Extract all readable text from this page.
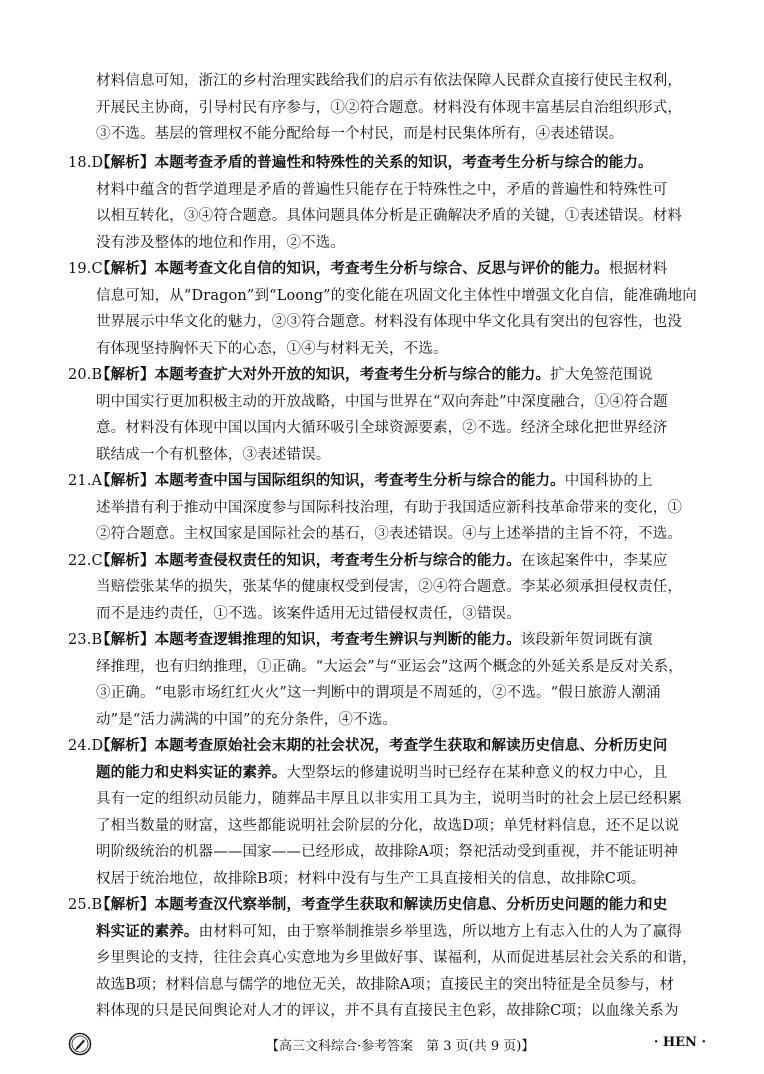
材料信息可知，浙江的乡村治理实践给我们的启示有依法保障人民群众直接行使民主权利，
开展民主协商，引导村民有序参与，①②符合题意。材料没有体现丰富基层自治组织形式，
③不选。基层的管理权不能分配给每一个村民，而是村民集体所有，④表述错误。
18.D【解析】本题考查矛盾的普遍性和特殊性的关系的知识，考查考生分析与综合的能力。
材料中蕴含的哲学道理是矛盾的普遍性只能存在于特殊性之中，矛盾的普遍性和特殊性可
以相互转化，③④符合题意。具体问题具体分析是正确解决矛盾的关键，①表述错误。材料
没有涉及整体的地位和作用，②不选。
19.C【解析】本题考查文化自信的知识，考查考生分析与综合、反思与评价的能力。根据材料
信息可知，从“Dragon”到“Loong”的变化能在巩固文化主体性中增强文化自信，能准确地向
世界展示中华文化的魅力，②③符合题意。材料没有体现中华文化具有突出的包容性，也没
有体现坚持胸怀天下的心态，①④与材料无关，不选。
20.B【解析】本题考查扩大对外开放的知识，考查考生分析与综合的能力。扩大免签范围说
明中国实行更加积极主动的开放战略，中国与世界在“双向奔赴”中深度融合，①④符合题
意。材料没有体现中国以国内大循环吸引全球资源要素，②不选。经济全球化把世界经济
联结成一个有机整体，③表述错误。
21.A【解析】本题考查中国与国际组织的知识，考查考生分析与综合的能力。中国科协的上
述举措有利于推动中国深度参与国际科技治理，有助于我国适应新科技革命带来的变化，①
②符合题意。主权国家是国际社会的基石，③表述错误。④与上述举措的主旨不符，不选。
22.C【解析】本题考查侵权责任的知识，考查考生分析与综合的能力。在该起案件中，李某应
当赔偿张某华的损失，张某华的健康权受到侵害，②④符合题意。李某必须承担侵权责任，
而不是违约责任，①不选。该案件适用无过错侵权责任，③错误。
23.B【解析】本题考查逻辑推理的知识，考查考生辨识与判断的能力。该段新年贺词既有演
绎推理，也有归纳推理，①正确。“大运会”与“亚运会”这两个概念的外延关系是反对关系，
③正确。“电影市场红红火火”这一判断中的谓项是不周延的，②不选。“假日旅游人潮涌
动”是“活力满满的中国”的充分条件，④不选。
24.D【解析】本题考查原始社会末期的社会状况，考查学生获取和解读历史信息、分析历史问
题的能力和史料实证的素养。大型祭坛的修建说明当时已经存在某种意义的权力中心，且
具有一定的组织动员能力，随葬品丰厚且以非实用工具为主，说明当时的社会上层已经积累
了相当数量的财富，这些都能说明社会阶层的分化，故选D项；单凭材料信息，还不足以说
明阶级统治的机器——国家——已经形成，故排除A项；祭祀活动受到重视，并不能证明神
权居于统治地位，故排除B项；材料中没有与生产工具直接相关的信息，故排除C项。
25.B【解析】本题考查汉代察举制，考查学生获取和解读历史信息、分析历史问题的能力和史
料实证的素养。由材料可知，由于察举制推崇乡举里选，所以地方上有志入仕的人为了赢得
乡里舆论的支持，往往会真心实意地为乡里做好事、谋福利，从而促进基层社会关系的和谐，
故选B项；材料信息与儒学的地位无关，故排除A项；直接民主的突出特征是全员参与，材
料体现的只是民间舆论对人才的评议，并不具有直接民主色彩，故排除C项；以血缘关系为
【高三文科综合·参考答案　第 3 页(共 9 页)】	· HEN ·
